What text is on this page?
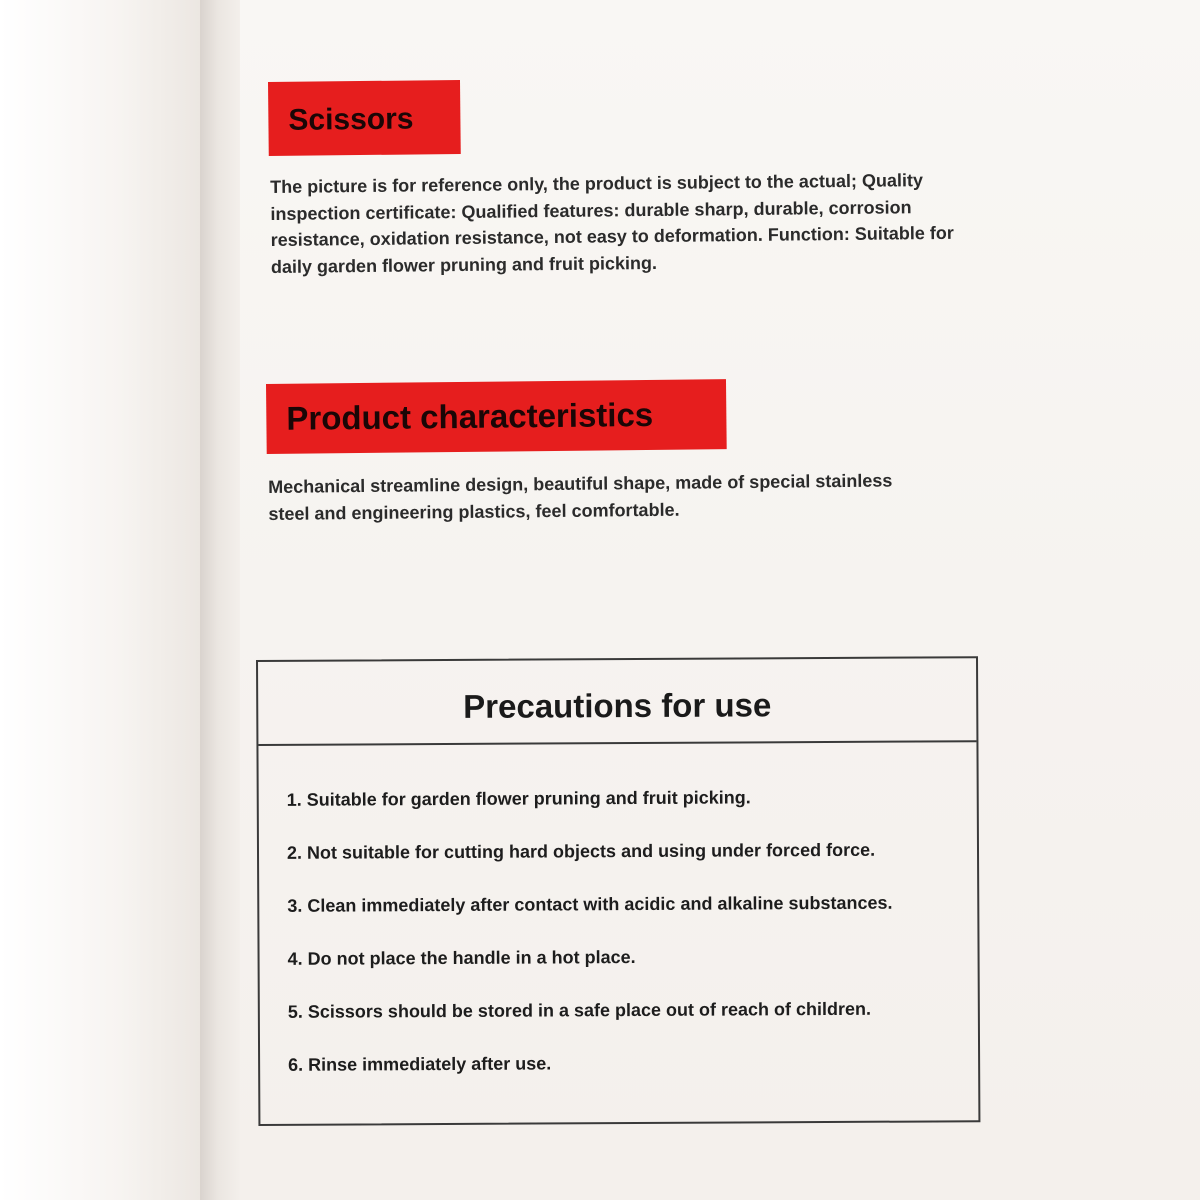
Scissors
The picture is for reference only, the product is subject to the actual; Quality inspection certificate: Qualified features: durable sharp, durable, corrosion resistance, oxidation resistance, not easy to deformation. Function: Suitable for daily garden flower pruning and fruit picking.
Product characteristics
Mechanical streamline design, beautiful shape, made of special stainless steel and engineering plastics, feel comfortable.
Precautions for use
1. Suitable for garden flower pruning and fruit picking.
2. Not suitable for cutting hard objects and using under forced force.
3. Clean immediately after contact with acidic and alkaline substances.
4. Do not place the handle in a hot place.
5. Scissors should be stored in a safe place out of reach of children.
6. Rinse immediately after use.
